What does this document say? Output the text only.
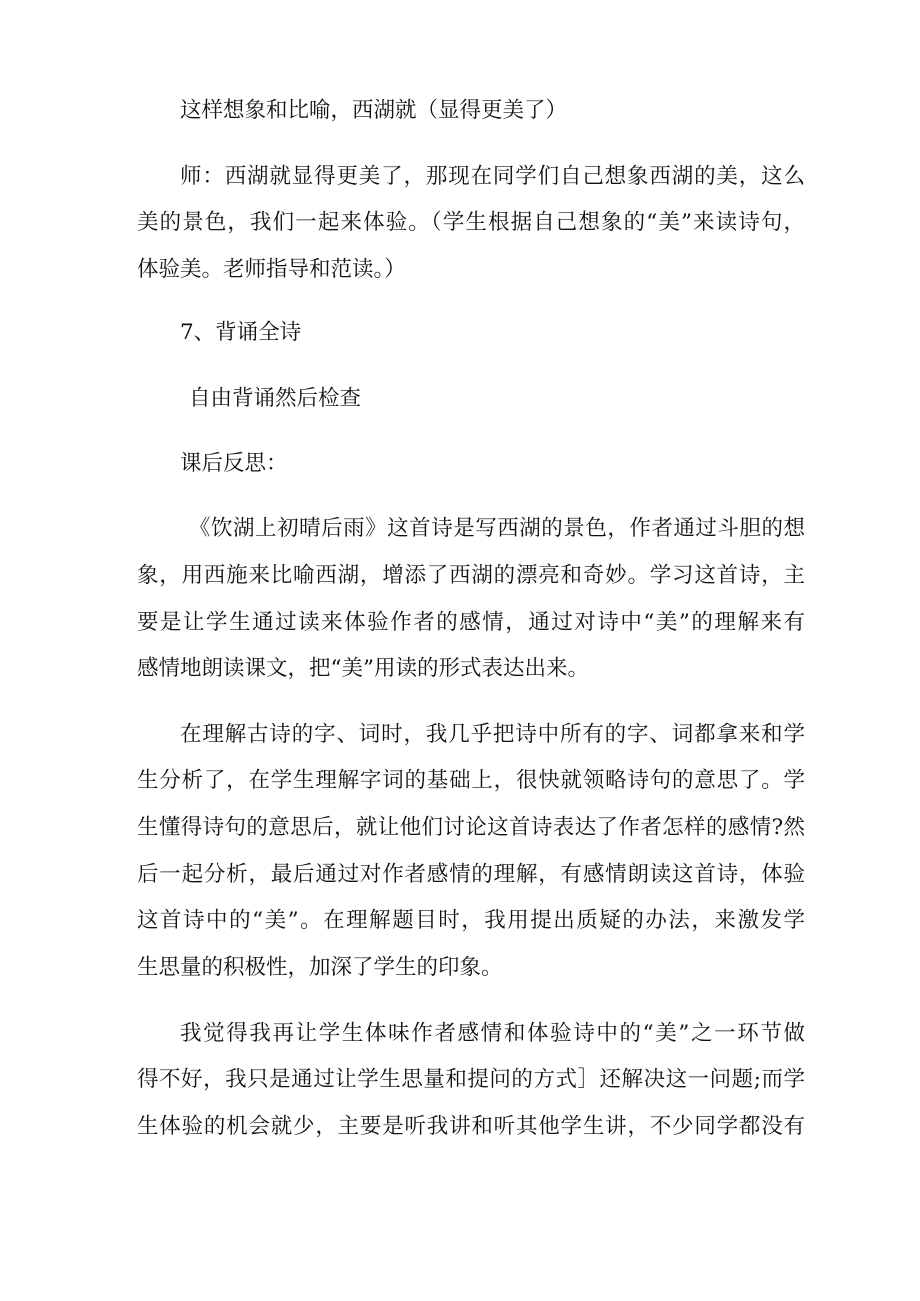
这样想象和比喻，西湖就（显得更美了）
师：西湖就显得更美了，那现在同学们自己想象西湖的美，这么
美的景色，我们一起来体验。（学生根据自己想象的“美”来读诗句，
体验美。老师指导和范读。）
7、背诵全诗
自由背诵然后检查
课后反思：
《饮湖上初晴后雨》这首诗是写西湖的景色，作者通过斗胆的想
象，用西施来比喻西湖，增添了西湖的漂亮和奇妙。学习这首诗，主
要是让学生通过读来体验作者的感情，通过对诗中“美”的理解来有
感情地朗读课文，把“美”用读的形式表达出来。
在理解古诗的字、词时，我几乎把诗中所有的字、词都拿来和学
生分析了，在学生理解字词的基础上，很快就领略诗句的意思了。学
生懂得诗句的意思后，就让他们讨论这首诗表达了作者怎样的感情?然
后一起分析，最后通过对作者感情的理解，有感情朗读这首诗，体验
这首诗中的“美”。在理解题目时，我用提出质疑的办法，来激发学
生思量的积极性，加深了学生的印象。
我觉得我再让学生体味作者感情和体验诗中的“美”之一环节做
得不好，我只是通过让学生思量和提问的方式］还解决这一问题;而学
生体验的机会就少，主要是听我讲和听其他学生讲，不少同学都没有
